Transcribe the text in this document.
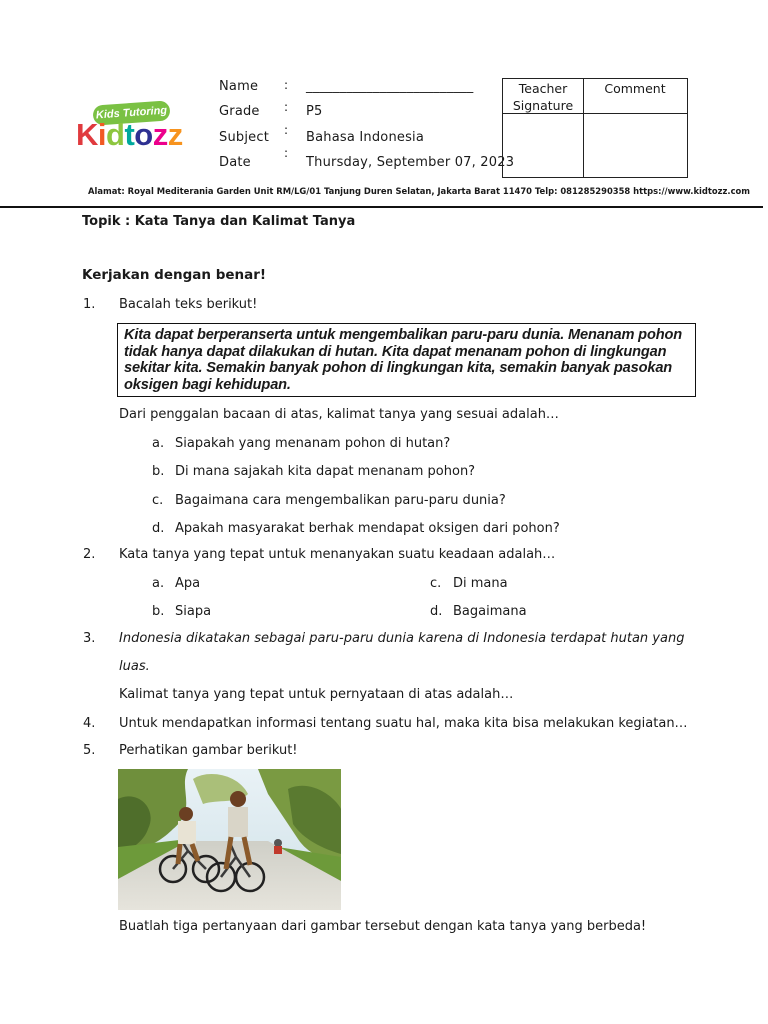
Kids Tutoring
Kidtozz
Name : _________________________
Grade : P5
Subject : Bahasa Indonesia
Date
:
Thursday, September 07, 2023
Teacher
Signature
Comment
Alamat: Royal Mediterania Garden Unit RM/LG/01 Tanjung Duren Selatan, Jakarta Barat 11470 Telp: 081285290358 https://www.kidtozz.com
Topik : Kata Tanya dan Kalimat Tanya
Kerjakan dengan benar!
1. Bacalah teks berikut!
Kita dapat berperanserta untuk mengembalikan paru-paru dunia. Menanam pohon tidak hanya dapat dilakukan di hutan. Kita dapat menanam pohon di lingkungan sekitar kita. Semakin banyak pohon di lingkungan kita, semakin banyak pasokan oksigen bagi kehidupan.
Dari penggalan bacaan di atas, kalimat tanya yang sesuai adalah…
a. Siapakah yang menanam pohon di hutan?
b. Di mana sajakah kita dapat menanam pohon?
c. Bagaimana cara mengembalikan paru-paru dunia?
d. Apakah masyarakat berhak mendapat oksigen dari pohon?
2. Kata tanya yang tepat untuk menanyakan suatu keadaan adalah…
a. Apa	c. Di mana
b. Siapa	d. Bagaimana
3. Indonesia dikatakan sebagai paru-paru dunia karena di Indonesia terdapat hutan yang
luas.
Kalimat tanya yang tepat untuk pernyataan di atas adalah…
4. Untuk mendapatkan informasi tentang suatu hal, maka kita bisa melakukan kegiatan…
5. Perhatikan gambar berikut!
Buatlah tiga pertanyaan dari gambar tersebut dengan kata tanya yang berbeda!
